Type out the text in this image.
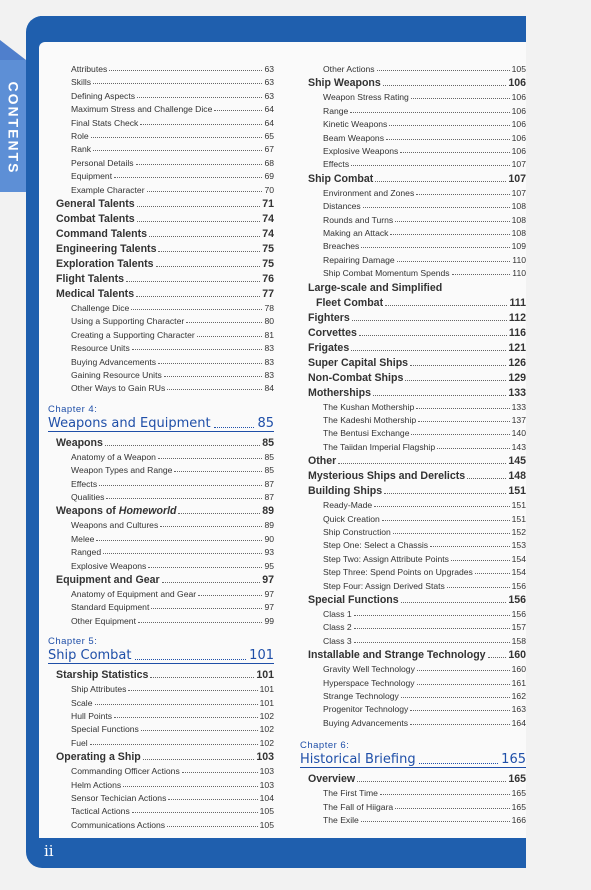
CONTENTS
ii
Attributes	63
Skills	63
Defining Aspects	63
Maximum Stress and Challenge Dice	64
Final Stats Check	64
Role	65
Rank	67
Personal Details	68
Equipment	69
Example Character	70
General Talents	71
Combat Talents	74
Command Talents	74
Engineering Talents	75
Exploration Talents	75
Flight Talents	76
Medical Talents	77
Challenge Dice	78
Using a Supporting Character	80
Creating a Supporting Character	81
Resource Units	83
Buying Advancements	83
Gaining Resource Units	83
Other Ways to Gain RUs	84
Chapter 4:
Weapons and Equipment	85
Weapons	85
Anatomy of a Weapon	85
Weapon Types and Range	85
Effects	87
Qualities	87
Weapons of Homeworld	89
Weapons and Cultures	89
Melee	90
Ranged	93
Explosive Weapons	95
Equipment and Gear	97
Anatomy of Equipment and Gear	97
Standard Equipment	97
Other Equipment	99
Chapter 5:
Ship Combat	101
Starship Statistics	101
Ship Attributes	101
Scale	101
Hull Points	102
Special Functions	102
Fuel	102
Operating a Ship	103
Commanding Officer Actions	103
Helm Actions	103
Sensor Techician Actions	104
Tactical Actions	105
Communications Actions	105
Other Actions	105
Ship Weapons	106
Weapon Stress Rating	106
Range	106
Kinetic Weapons	106
Beam Weapons	106
Explosive Weapons	106
Effects	107
Ship Combat	107
Environment and Zones	107
Distances	108
Rounds and Turns	108
Making an Attack	108
Breaches	109
Repairing Damage	110
Ship Combat Momentum Spends	110
Large-scale and Simplified
Fleet Combat	111
Fighters	112
Corvettes	116
Frigates	121
Super Capital Ships	126
Non-Combat Ships	129
Motherships	133
The Kushan Mothership	133
The Kadeshi Mothership	137
The Bentusi Exchange	140
The Taiidan Imperial Flagship	143
Other	145
Mysterious Ships and Derelicts	148
Building Ships	151
Ready-Made	151
Quick Creation	151
Ship Construction	152
Step One: Select a Chassis	153
Step Two: Assign Attribute Points	154
Step Three: Spend Points on Upgrades	154
Step Four: Assign Derived Stats	156
Special Functions	156
Class 1	156
Class 2	157
Class 3	158
Installable and Strange Technology 160
Gravity Well Technology	160
Hyperspace Technology	161
Strange Technology	162
Progenitor Technology	163
Buying Advancements	164
Chapter 6:
Historical Briefing	165
Overview	165
The First Time	165
The Fall of Hiigara	165
The Exile	166
